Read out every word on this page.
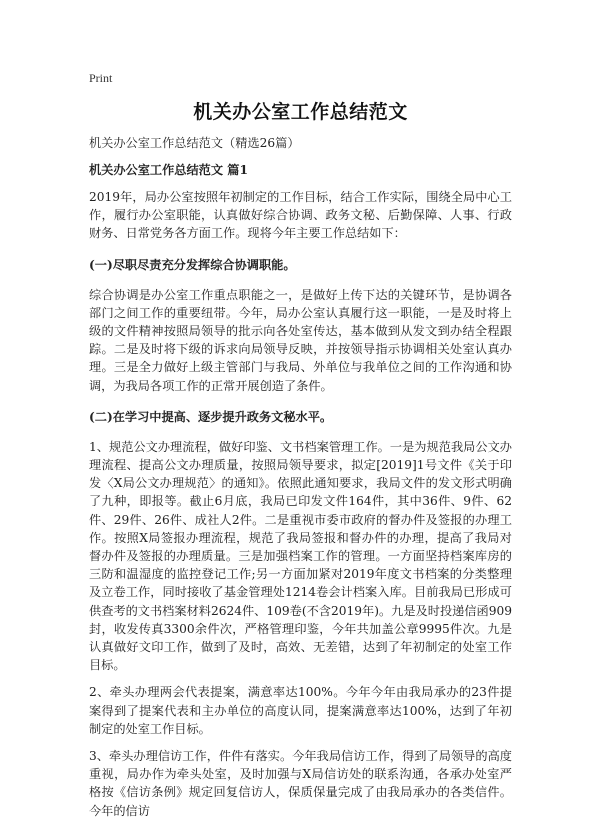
Print
机关办公室工作总结范文
机关办公室工作总结范文（精选26篇）
机关办公室工作总结范文 篇1
2019年，局办公室按照年初制定的工作目标，结合工作实际，围绕全局中心工作，履行办公室职能，认真做好综合协调、政务文秘、后勤保障、人事、行政财务、日常党务各方面工作。现将今年主要工作总结如下：
(一)尽职尽责充分发挥综合协调职能。
综合协调是办公室工作重点职能之一，是做好上传下达的关键环节，是协调各部门之间工作的重要纽带。今年，局办公室认真履行这一职能，一是及时将上级的文件精神按照局领导的批示向各处室传达，基本做到从发文到办结全程跟踪。二是及时将下级的诉求向局领导反映，并按领导指示协调相关处室认真办理。三是全力做好上级主管部门与我局、外单位与我单位之间的工作沟通和协调，为我局各项工作的正常开展创造了条件。
(二)在学习中提高、逐步提升政务文秘水平。
1、规范公文办理流程，做好印鉴、文书档案管理工作。一是为规范我局公文办理流程、提高公文办理质量，按照局领导要求，拟定[2019]1号文件《关于印发〈X局公文办理规范〉的通知》。依照此通知要求，我局文件的发文形式明确了九种，即报等。截止6月底，我局已印发文件164件，其中36件、9件、62件、29件、26件、成社人2件。二是重视市委市政府的督办件及签报的办理工作。按照X局签报办理流程，规范了我局签报和督办件的办理，提高了我局对督办件及签报的办理质量。三是加强档案工作的管理。一方面坚持档案库房的三防和温湿度的监控登记工作;另一方面加紧对2019年度文书档案的分类整理及立卷工作，同时接收了基金管理处1214卷会计档案入库。目前我局已形成可供查考的文书档案材料2624件、109卷(不含2019年)。九是及时投递信函909封，收发传真3300余件次，严格管理印鉴，今年共加盖公章9995件次。九是认真做好文印工作，做到了及时，高效、无差错，达到了年初制定的处室工作目标。
2、牵头办理两会代表提案，满意率达100%。今年今年由我局承办的23件提案得到了提案代表和主办单位的高度认同，提案满意率达100%，达到了年初制定的处室工作目标。
3、牵头办理信访工作，件件有落实。今年我局信访工作，得到了局领导的高度重视，局办作为牵头处室，及时加强与X局信访处的联系沟通，各承办处室严格按《信访条例》规定回复信访人，保质保量完成了由我局承办的各类信件。今年的信访
